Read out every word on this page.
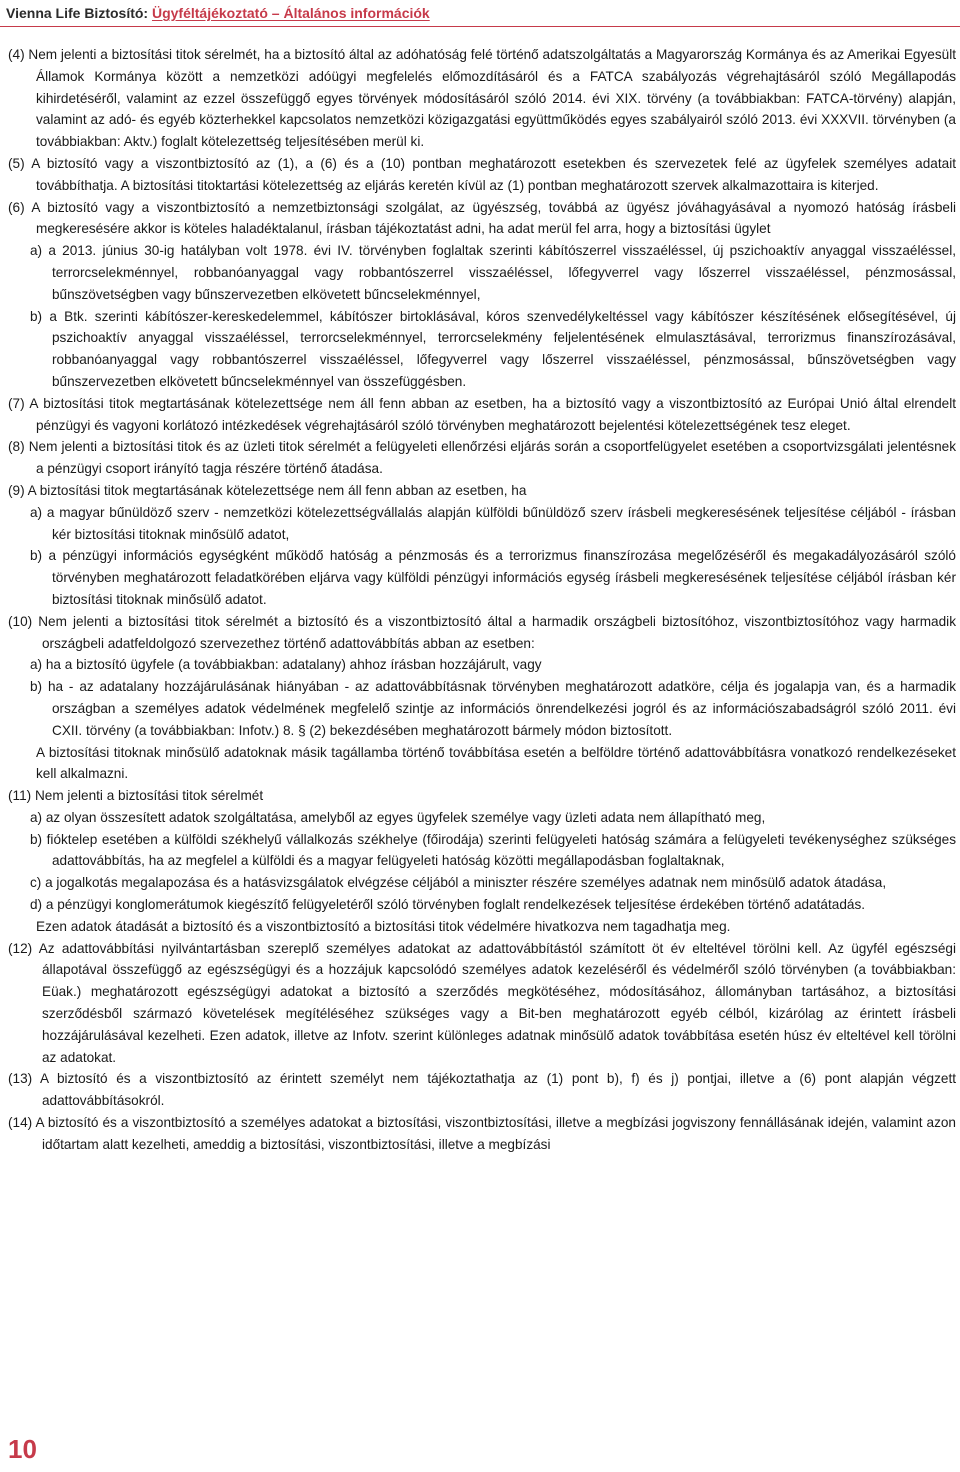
Vienna Life Biztosító: Ügyféltájékoztató – Általános információk

(4) Nem jelenti a biztosítási titok sérelmét, ha a biztosító által az adóhatóság felé történő adatszolgáltatás a Magyarország Kormánya és az Amerikai Egyesült Államok Kormánya között a nemzetközi adóügyi megfelelés előmozdításáról és a FATCA szabályozás végrehajtásáról szóló Megállapodás kihirdetéséről, valamint az ezzel összefüggő egyes törvények módosításáról szóló 2014. évi XIX. törvény (a továbbiakban: FATCA-törvény) alapján, valamint az adó- és egyéb közterhekkel kapcsolatos nemzetközi közigazgatási együttműködés egyes szabályairól szóló 2013. évi XXXVII. törvényben (a továbbiakban: Aktv.) foglalt kötelezettség teljesítésében merül ki.

(5) A biztosító vagy a viszontbiztosító az (1), a (6) és a (10) pontban meghatározott esetekben és szervezetek felé az ügyfelek személyes adatait továbbíthatja. A biztosítási titoktartási kötelezettség az eljárás keretén kívül az (1) pontban meghatározott szervek alkalmazottaira is kiterjed.

(6) A biztosító vagy a viszontbiztosító a nemzetbiztonsági szolgálat, az ügyészség, továbbá az ügyész jóváhagyásával a nyomozó hatóság írásbeli megkeresésére akkor is köteles haladéktalanul, írásban tájékoztatást adni, ha adat merül fel arra, hogy a biztosítási ügylet

a) a 2013. június 30-ig hatályban volt 1978. évi IV. törvényben foglaltak szerinti kábítószerrel visszaéléssel, új pszichoaktív anyaggal visszaéléssel, terrorcselekménnyel, robbanóanyaggal vagy robbantószerrel visszaéléssel, lőfegyverrel vagy lőszerrel visszaéléssel, pénzmosással, bűnszövetségben vagy bűnszervezetben elkövetett bűncselekménnyel,

b) a Btk. szerinti kábítószer-kereskedelemmel, kábítószer birtoklásával, kóros szenvedélykeltéssel vagy kábítószer készítésének elősegítésével, új pszichoaktív anyaggal visszaéléssel, terrorcselekménnyel, terrorcselekmény feljelentésének elmulasztásával, terrorizmus finanszírozásával, robbanóanyaggal vagy robbantószerrel visszaéléssel, lőfegyverrel vagy lőszerrel visszaéléssel, pénzmosással, bűnszövetségben vagy bűnszervezetben elkövetett bűncselekménnyel van összefüggésben.

(7) A biztosítási titok megtartásának kötelezettsége nem áll fenn abban az esetben, ha a biztosító vagy a viszontbiztosító az Európai Unió által elrendelt pénzügyi és vagyoni korlátozó intézkedések végrehajtásáról szóló törvényben meghatározott bejelentési kötelezettségének tesz eleget.

(8) Nem jelenti a biztosítási titok és az üzleti titok sérelmét a felügyeleti ellenőrzési eljárás során a csoportfelügyelet esetében a csoportvizsgálati jelentésnek a pénzügyi csoport irányító tagja részére történő átadása.

(9) A biztosítási titok megtartásának kötelezettsége nem áll fenn abban az esetben, ha

a) a magyar bűnüldöző szerv - nemzetközi kötelezettségvállalás alapján külföldi bűnüldöző szerv írásbeli megkeresésének teljesítése céljából - írásban kér biztosítási titoknak minősülő adatot,

b) a pénzügyi információs egységként működő hatóság a pénzmosás és a terrorizmus finanszírozása megelőzéséről és megakadályozásáról szóló törvényben meghatározott feladatkörében eljárva vagy külföldi pénzügyi információs egység írásbeli megkeresésének teljesítése céljából írásban kér biztosítási titoknak minősülő adatot.

(10) Nem jelenti a biztosítási titok sérelmét a biztosító és a viszontbiztosító által a harmadik országbeli biztosítóhoz, viszontbiztosítóhoz vagy harmadik országbeli adatfeldolgozó szervezethez történő adattovábbítás abban az esetben:

a) ha a biztosító ügyfele (a továbbiakban: adatalany) ahhoz írásban hozzájárult, vagy

b) ha - az adatalany hozzájárulásának hiányában - az adattovábbításnak törvényben meghatározott adatköre, célja és jogalapja van, és a harmadik országban a személyes adatok védelmének megfelelő szintje az információs önrendelkezési jogról és az információszabadságról szóló 2011. évi CXII. törvény (a továbbiakban: Infotv.) 8. § (2) bekezdésében meghatározott bármely módon biztosított.

A biztosítási titoknak minősülő adatoknak másik tagállamba történő továbbítása esetén a belföldre történő adattovábbításra vonatkozó rendelkezéseket kell alkalmazni.

(11) Nem jelenti a biztosítási titok sérelmét

a) az olyan összesített adatok szolgáltatása, amelyből az egyes ügyfelek személye vagy üzleti adata nem állapítható meg,

b) fióktelep esetében a külföldi székhelyű vállalkozás székhelye (főirodája) szerinti felügyeleti hatóság számára a felügyeleti tevékenységhez szükséges adattovábbítás, ha az megfelel a külföldi és a magyar felügyeleti hatóság közötti megállapodásban foglaltaknak,

c) a jogalkotás megalapozása és a hatásvizsgálatok elvégzése céljából a miniszter részére személyes adatnak nem minősülő adatok átadása,

d) a pénzügyi konglomerátumok kiegészítő felügyeletéről szóló törvényben foglalt rendelkezések teljesítése érdekében történő adatátadás.

Ezen adatok átadását a biztosító és a viszontbiztosító a biztosítási titok védelmére hivatkozva nem tagadhatja meg.

(12) Az adattovábbítási nyilvántartásban szereplő személyes adatokat az adattovábbítástól számított öt év elteltével törölni kell. Az ügyfél egészségi állapotával összefüggő az egészségügyi és a hozzájuk kapcsolódó személyes adatok kezeléséről és védelméről szóló törvényben (a továbbiakban: Eüak.) meghatározott egészségügyi adatokat a biztosító a szerződés megkötéséhez, módosításához, állományban tartásához, a biztosítási szerződésből származó követelések megítéléséhez szükséges vagy a Bit-ben meghatározott egyéb célból, kizárólag az érintett írásbeli hozzájárulásával kezelheti. Ezen adatok, illetve az Infotv. szerint különleges adatnak minősülő adatok továbbítása esetén húsz év elteltével kell törölni az adatokat.

(13) A biztosító és a viszontbiztosító az érintett személyt nem tájékoztathatja az (1) pont b), f) és j) pontjai, illetve a (6) pont alapján végzett adattovábbításokról.

(14) A biztosító és a viszontbiztosító a személyes adatokat a biztosítási, viszontbiztosítási, illetve a megbízási jogviszony fennállásának idején, valamint azon időtartam alatt kezelheti, ameddig a biztosítási, viszontbiztosítási, illetve a megbízási

10
